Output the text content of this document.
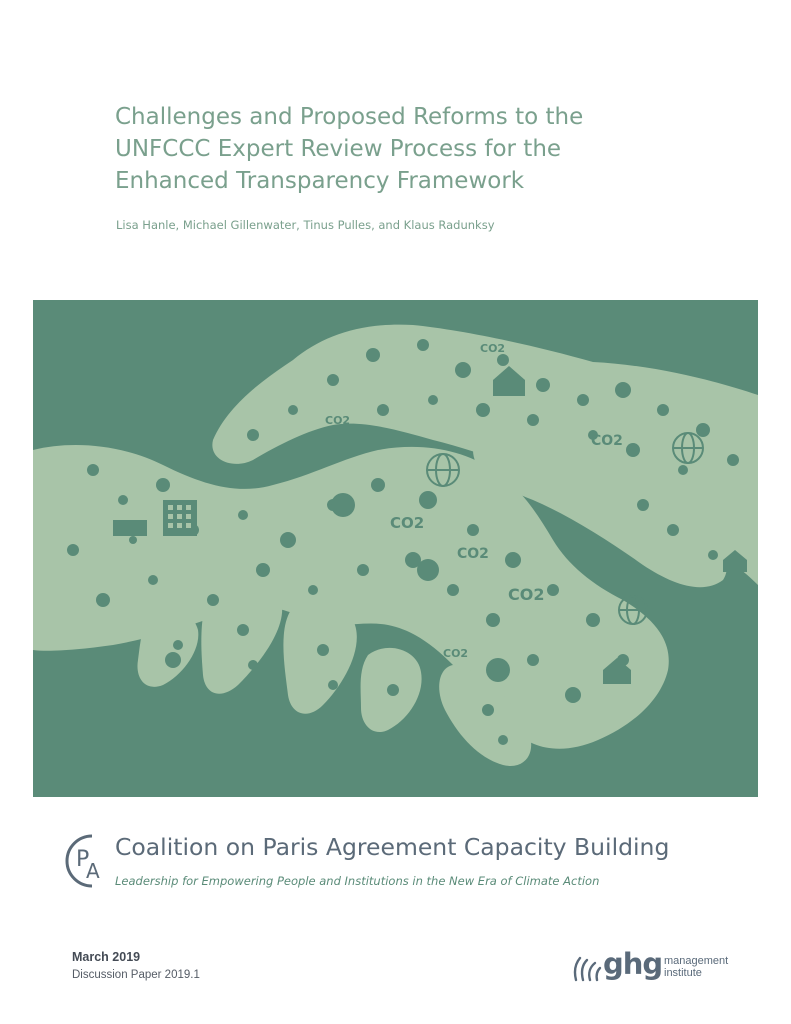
Challenges and Proposed Reforms to the
UNFCCC Expert Review Process for the
Enhanced Transparency Framework
Lisa Hanle, Michael Gillenwater, Tinus Pulles, and Klaus Radunksy
CO2
CO2
CO2
CO2
CO2
CO2
CO2
P
A
Coalition on Paris Agreement Capacity Building
Leadership for Empowering People and Institutions in the New Era of Climate Action
March 2019
Discussion Paper 2019.1	ghg management
institute
